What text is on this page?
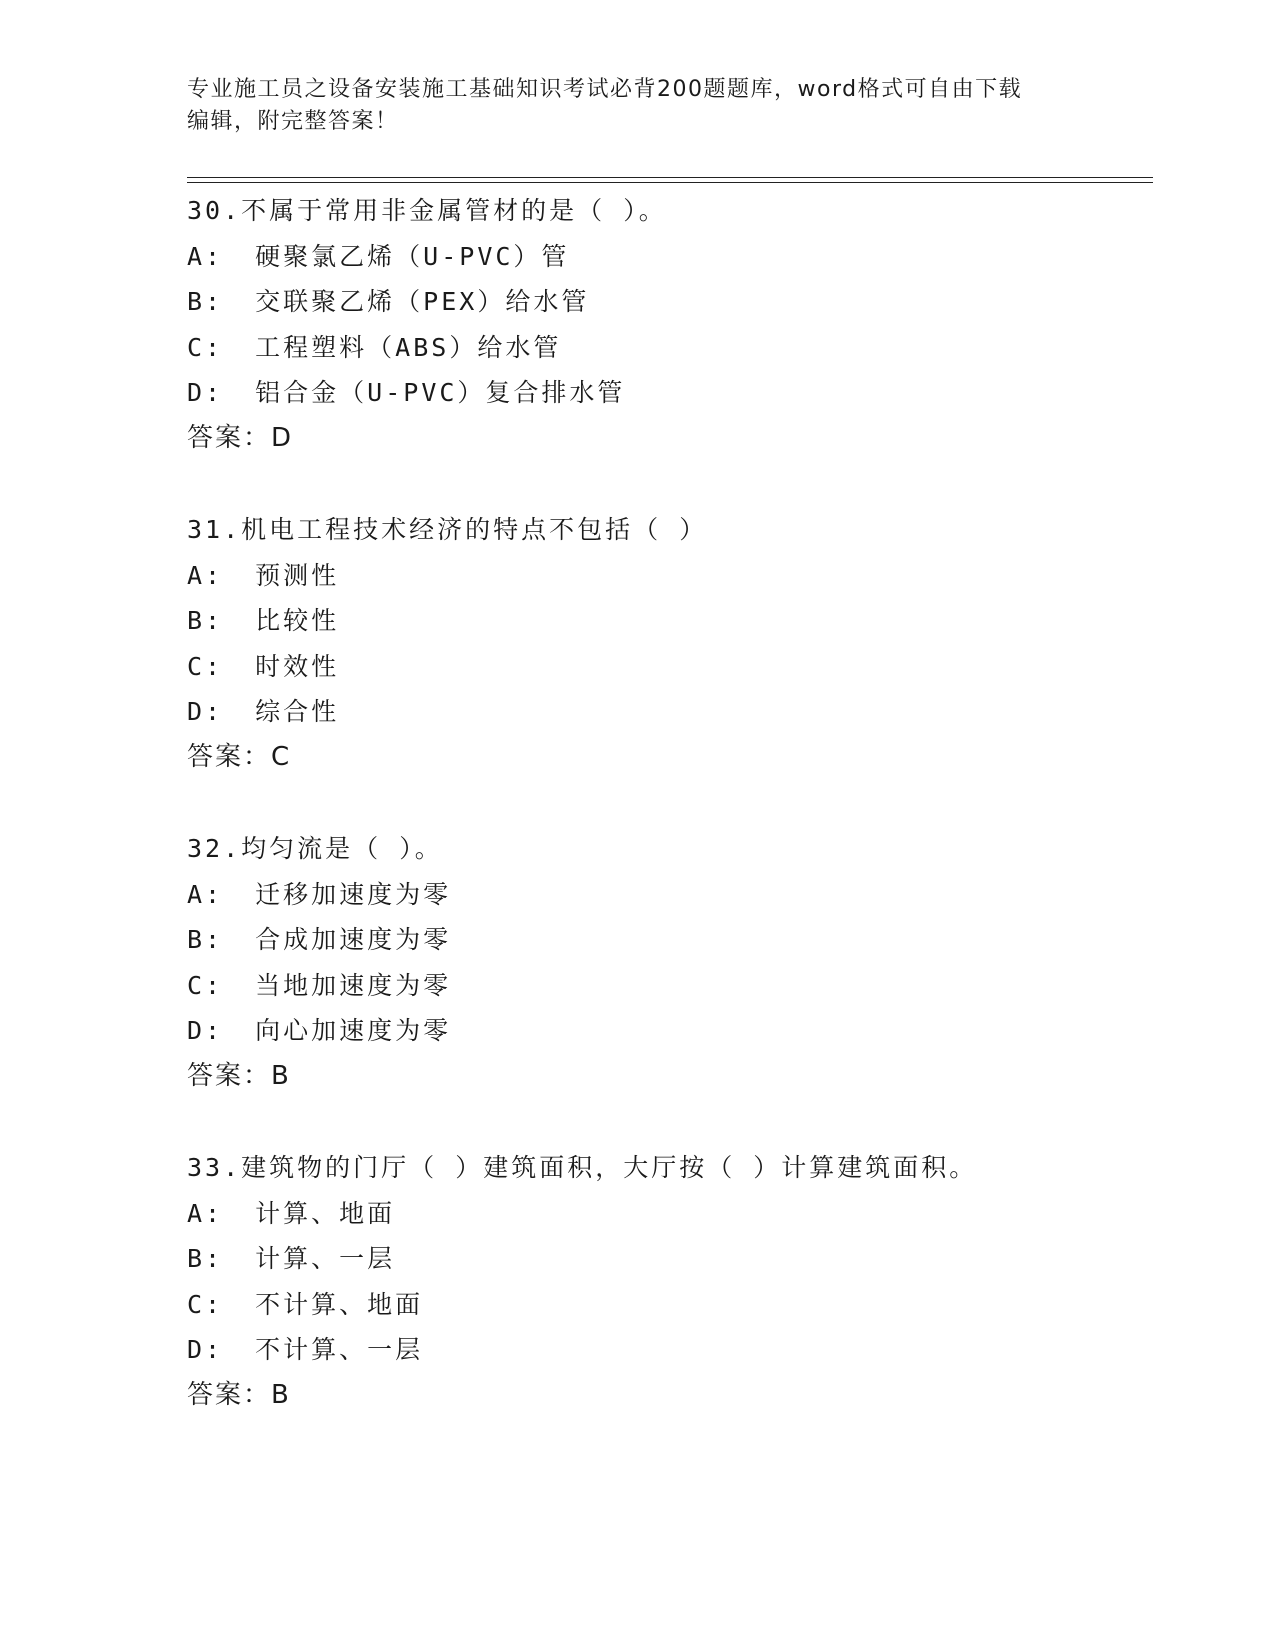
专业施工员之设备安装施工基础知识考试必背200题题库，word格式可自由下载
编辑，附完整答案！
30.不属于常用非金属管材的是（ ）。
A: 硬聚氯乙烯（U-PVC）管
B: 交联聚乙烯（PEX）给水管
C: 工程塑料（ABS）给水管
D: 铝合金（U-PVC）复合排水管
答案：D
31.机电工程技术经济的特点不包括（ ）
A: 预测性
B: 比较性
C: 时效性
D: 综合性
答案：C
32.均匀流是（ ）。
A: 迁移加速度为零
B: 合成加速度为零
C: 当地加速度为零
D: 向心加速度为零
答案：B
33.建筑物的门厅（ ）建筑面积，大厅按（ ）计算建筑面积。
A: 计算、地面
B: 计算、一层
C: 不计算、地面
D: 不计算、一层
答案：B
